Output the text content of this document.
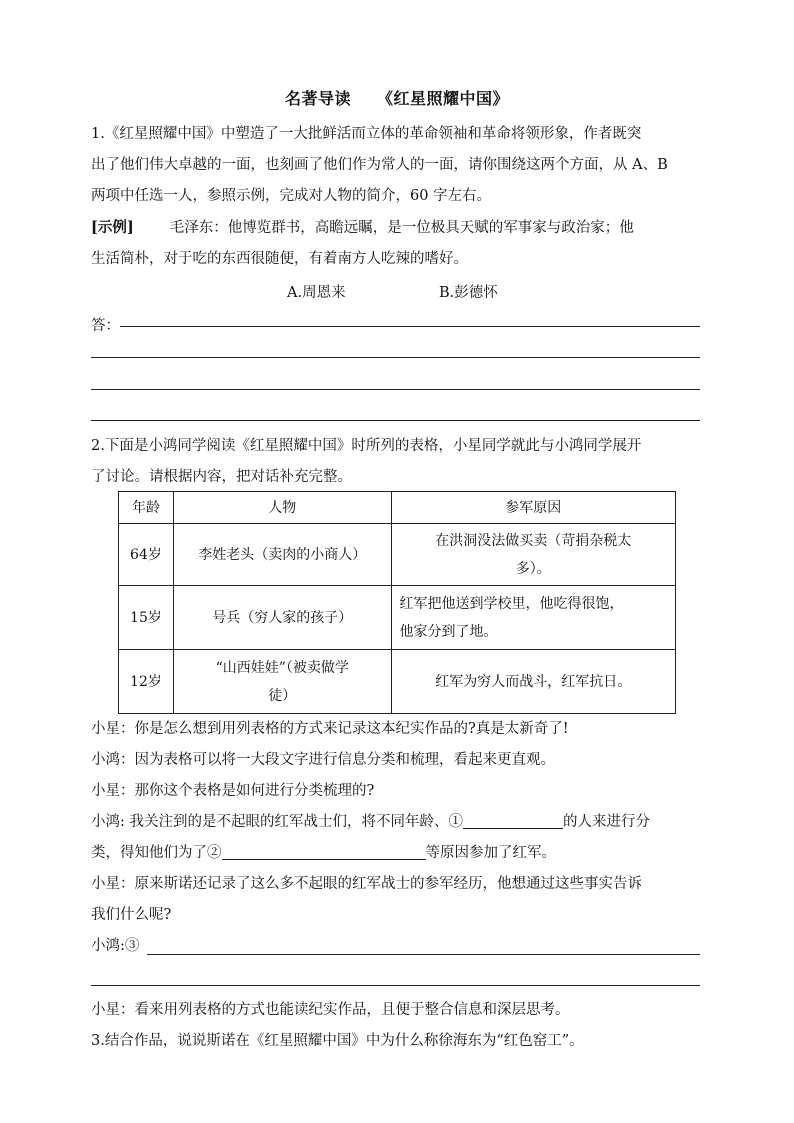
名著导读 《红星照耀中国》
1.《红星照耀中国》中塑造了一大批鲜活而立体的革命领袖和革命将领形象，作者既突
出了他们伟大卓越的一面，也刻画了他们作为常人的一面，请你围绕这两个方面，从 A、B
两项中任选一人，参照示例，完成对人物的简介，60 字左右。
[示例] 毛泽东：他博览群书，高瞻远瞩，是一位极具天赋的军事家与政治家；他
生活简朴，对于吃的东西很随便，有着南方人吃辣的嗜好。
A.周恩来	B.彭德怀
答：
2.下面是小鸿同学阅读《红星照耀中国》时所列的表格，小星同学就此与小鸿同学展开
了讨论。请根据内容，把对话补充完整。
年龄	人物	参军原因
64岁	李姓老头（卖肉的小商人）	在洪洞没法做买卖（苛捐杂税太
多）。

15岁	号兵（穷人家的孩子）	红军把他送到学校里，他吃得很饱，
他家分到了地。

12岁	“山西娃娃”（被卖做学
徒）	红军为穷人而战斗，红军抗日。
小星：你是怎么想到用列表格的方式来记录这本纪实作品的?真是太新奇了!
小鸿：因为表格可以将一大段文字进行信息分类和梳理，看起来更直观。
小星：那你这个表格是如何进行分类梳理的?
小鸿: 我关注到的是不起眼的红军战士们，将不同年龄、①	的人来进行分
类，得知他们为了②	等原因参加了红军。
小星：原来斯诺还记录了这么多不起眼的红军战士的参军经历，他想通过这些事实告诉
我们什么呢?
小鸿:③
小星：看来用列表格的方式也能读纪实作品，且便于整合信息和深层思考。
3.结合作品，说说斯诺在《红星照耀中国》中为什么称徐海东为“红色窑工”。
